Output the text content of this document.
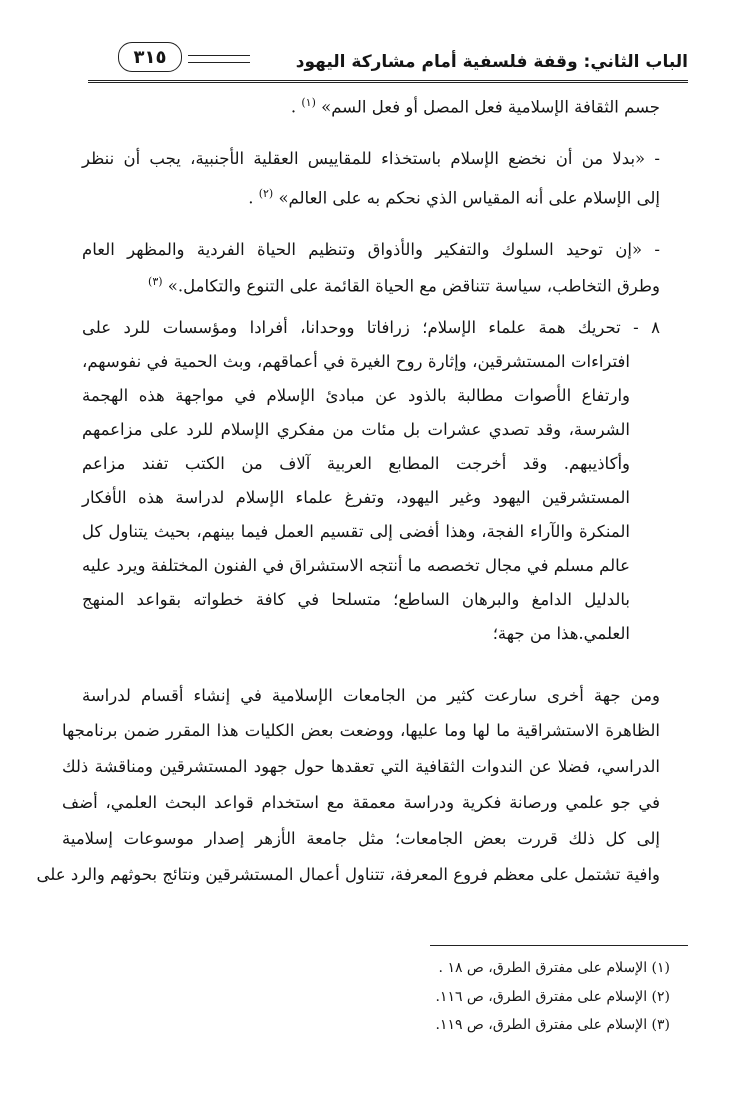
٣١٥	الباب الثاني: وقفة فلسفية أمام مشاركة اليهود
جسم الثقافة الإسلامية فعل المصل أو فعل السم» $^{(١)}$ .
- «بدلا من أن نخضع الإسلام باستخذاء للمقاييس العقلية الأجنبية، يجب أن ننظر
إلى الإسلام على أنه المقياس الذي نحكم به على العالم» $^{(٢)}$ .
- «إن توحيد السلوك والتفكير والأذواق وتنظيم الحياة الفردية والمظهر العام
وطرق التخاطب، سياسة تتناقض مع الحياة القائمة على التنوع والتكامل.» $^{(٣)}$
٨ - تحريك همة علماء الإسلام؛ زرافاتا ووحدانا، أفرادا ومؤسسات للرد على
افتراءات المستشرقين، وإثارة روح الغيرة في أعماقهم، وبث الحمية في نفوسهم،
وارتفاع الأصوات مطالبة بالذود عن مبادئ الإسلام في مواجهة هذه الهجمة
الشرسة، وقد تصدي عشرات بل مئات من مفكري الإسلام للرد على مزاعمهم
وأكاذيبهم. وقد أخرجت المطابع العربية آلاف من الكتب تفند مزاعم
المستشرقين اليهود وغير اليهود، وتفرغ علماء الإسلام لدراسة هذه الأفكار
المنكرة والآراء الفجة، وهذا أفضى إلى تقسيم العمل فيما بينهم، بحيث يتناول كل
عالم مسلم في مجال تخصصه ما أنتجه الاستشراق في الفنون المختلفة ويرد عليه
بالدليل الدامغ والبرهان الساطع؛ متسلحا في كافة خطواته بقواعد المنهج
العلمي.هذا من جهة؛
ومن جهة أخرى سارعت كثير من الجامعات الإسلامية في إنشاء أقسام لدراسة
الظاهرة الاستشراقية ما لها وما عليها، ووضعت بعض الكليات هذا المقرر ضمن برنامجها
الدراسي، فضلا عن الندوات الثقافية التي تعقدها حول جهود المستشرقين ومناقشة ذلك
في جو علمي ورصانة فكرية ودراسة معمقة مع استخدام قواعد البحث العلمي، أضف
إلى كل ذلك قررت بعض الجامعات؛ مثل جامعة الأزهر إصدار موسوعات إسلامية
وافية تشتمل على معظم فروع المعرفة، تتناول أعمال المستشرقين ونتائج بحوثهم والرد على
(١) الإسلام على مفترق الطرق، ص ١٨ .
(٢) الإسلام على مفترق الطرق، ص ١١٦.
(٣) الإسلام على مفترق الطرق، ص ١١٩.
